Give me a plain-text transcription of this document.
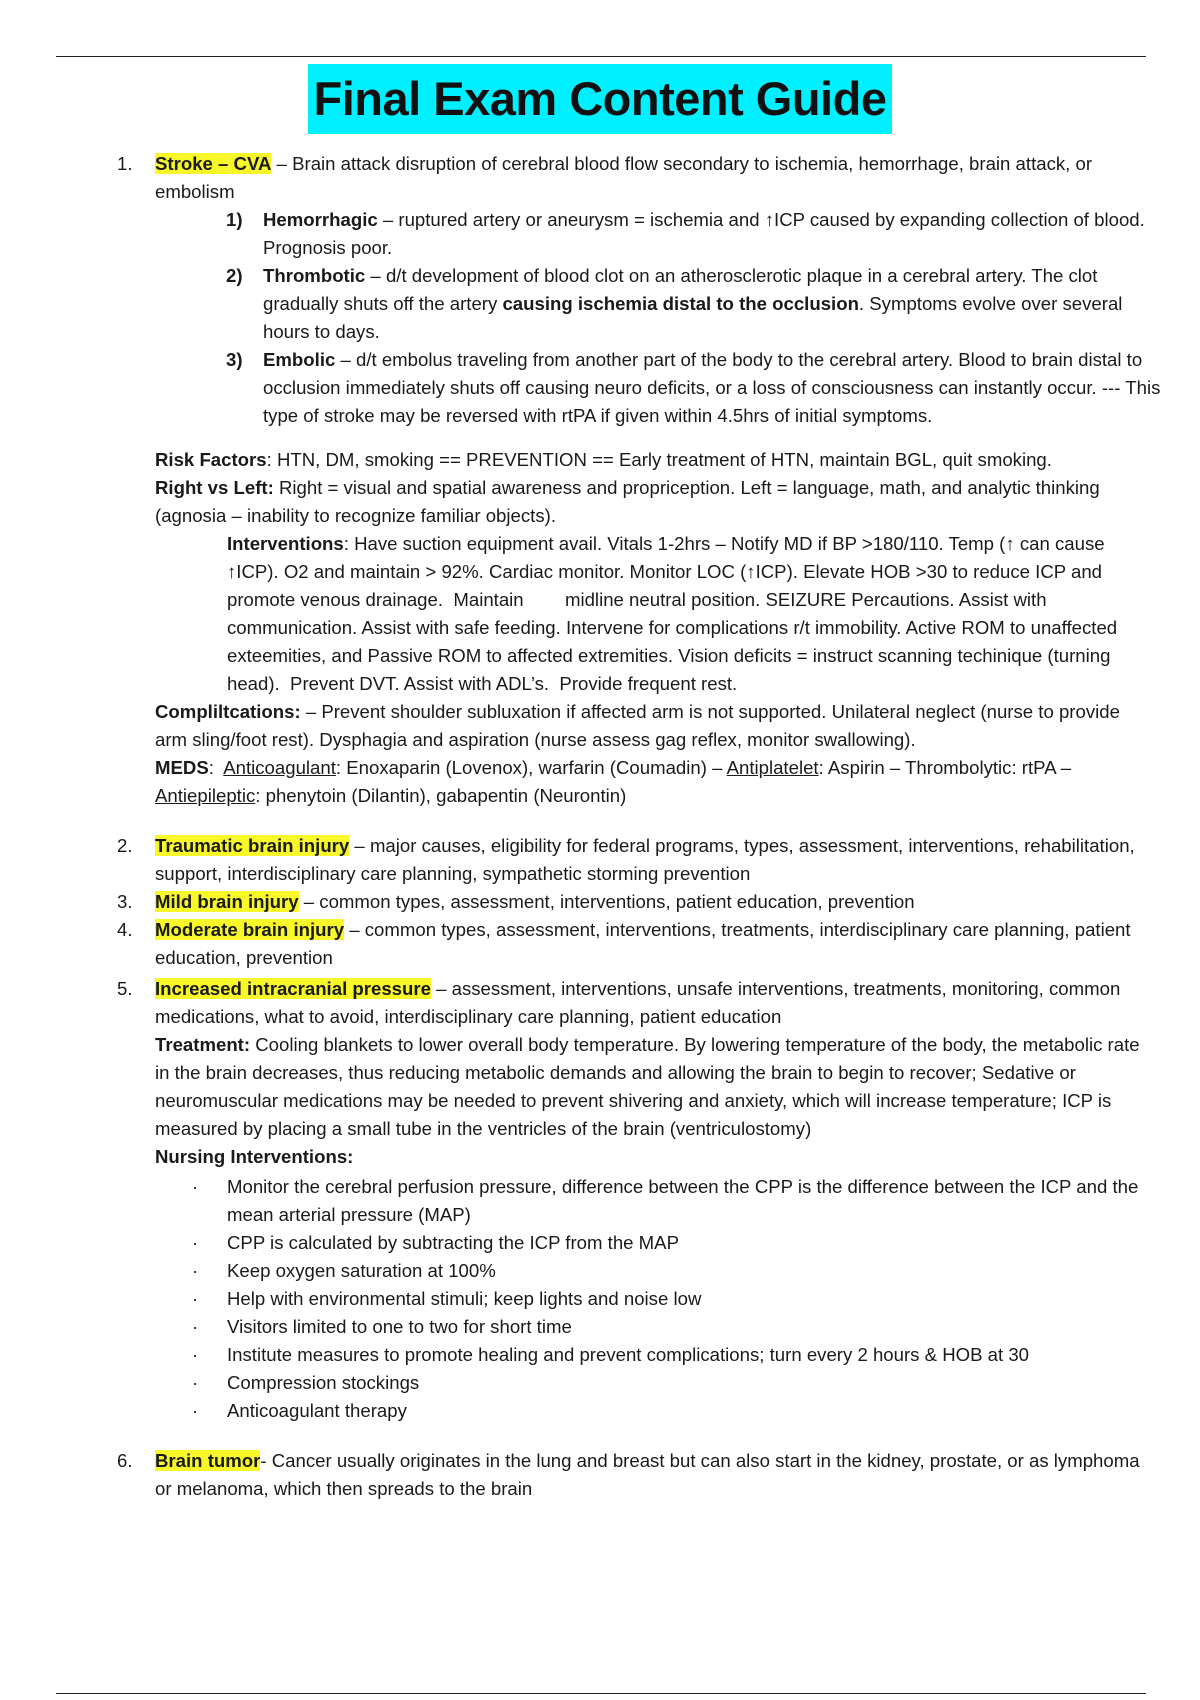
Final Exam Content Guide
1. Stroke – CVA – Brain attack disruption of cerebral blood flow secondary to ischemia, hemorrhage, brain attack, or embolism
1) Hemorrhagic – ruptured artery or aneurysm = ischemia and ↑ICP caused by expanding collection of blood. Prognosis poor.
2) Thrombotic – d/t development of blood clot on an atherosclerotic plaque in a cerebral artery. The clot gradually shuts off the artery causing ischemia distal to the occlusion. Symptoms evolve over several hours to days.
3) Embolic – d/t embolus traveling from another part of the body to the cerebral artery. Blood to brain distal to occlusion immediately shuts off causing neuro deficits, or a loss of consciousness can instantly occur. --- This type of stroke may be reversed with rtPA if given within 4.5hrs of initial symptoms.
Risk Factors: HTN, DM, smoking == PREVENTION == Early treatment of HTN, maintain BGL, quit smoking.
Right vs Left: Right = visual and spatial awareness and propriception. Left = language, math, and analytic thinking (agnosia – inability to recognize familiar objects).
Interventions: Have suction equipment avail. Vitals 1-2hrs – Notify MD if BP >180/110. Temp (↑ can cause ↑ICP). O2 and maintain > 92%. Cardiac monitor. Monitor LOC (↑ICP). Elevate HOB >30 to reduce ICP and promote venous drainage.  Maintain        midline neutral position. SEIZURE Percautions. Assist with communication. Assist with safe feeding. Intervene for complications r/t immobility. Active ROM to unaffected exteemities, and Passive ROM to affected extremities. Vision deficits = instruct scanning techinique (turning head).  Prevent DVT. Assist with ADL’s.  Provide frequent rest.
Compliltcations: – Prevent shoulder subluxation if affected arm is not supported. Unilateral neglect (nurse to provide arm sling/foot rest). Dysphagia and aspiration (nurse assess gag reflex, monitor swallowing).
MEDS:  Anticoagulant: Enoxaparin (Lovenox), warfarin (Coumadin) – Antiplatelet: Aspirin – Thrombolytic: rtPA – Antiepileptic: phenytoin (Dilantin), gabapentin (Neurontin)
2. Traumatic brain injury – major causes, eligibility for federal programs, types, assessment, interventions, rehabilitation, support, interdisciplinary care planning, sympathetic storming prevention
3. Mild brain injury – common types, assessment, interventions, patient education, prevention
4. Moderate brain injury – common types, assessment, interventions, treatments, interdisciplinary care planning, patient education, prevention
5. Increased intracranial pressure – assessment, interventions, unsafe interventions, treatments, monitoring, common medications, what to avoid, interdisciplinary care planning, patient education
Treatment: Cooling blankets to lower overall body temperature. By lowering temperature of the body, the metabolic rate in the brain decreases, thus reducing metabolic demands and allowing the brain to begin to recover; Sedative or neuromuscular medications may be needed to prevent shivering and anxiety, which will increase temperature; ICP is measured by placing a small tube in the ventricles of the brain (ventriculostomy)
Nursing Interventions:
· Monitor the cerebral perfusion pressure, difference between the CPP is the difference between the ICP and the mean arterial pressure (MAP)
· CPP is calculated by subtracting the ICP from the MAP
· Keep oxygen saturation at 100%
· Help with environmental stimuli; keep lights and noise low
· Visitors limited to one to two for short time
· Institute measures to promote healing and prevent complications; turn every 2 hours & HOB at 30
· Compression stockings
· Anticoagulant therapy
6. Brain tumor- Cancer usually originates in the lung and breast but can also start in the kidney, prostate, or as lymphoma or melanoma, which then spreads to the brain
